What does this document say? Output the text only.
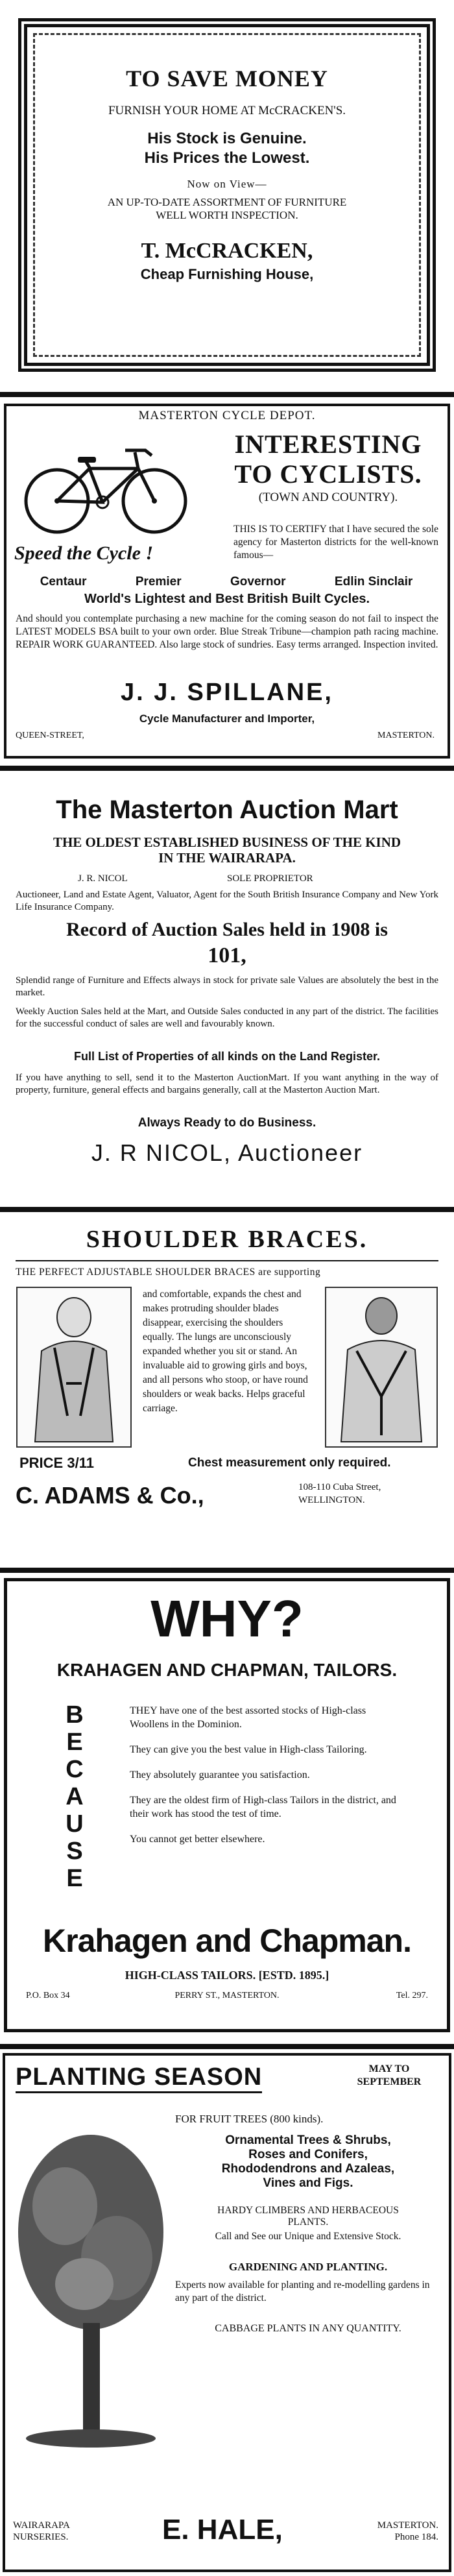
TO SAVE MONEY
FURNISH YOUR HOME AT McCRACKEN'S.
His Stock is Genuine.
His Prices the Lowest.
Now on View—
AN UP-TO-DATE ASSORTMENT OF FURNITURE
WELL WORTH INSPECTION.
T. McCRACKEN,
Cheap Furnishing House,
MASTERTON CYCLE DEPOT.
Speed the Cycle !
INTERESTING
TO CYCLISTS.
(TOWN AND COUNTRY).
THIS IS TO CERTIFY that I have secured the sole agency for Masterton districts for the well-known famous—
Centaur	Premier	Governor	Edlin Sinclair
World's Lightest and Best British Built Cycles.
And should you contemplate purchasing a new machine for the coming season do not fail to inspect the LATEST MODELS BSA built to your own order. Blue Streak Tribune—champion path racing machine. REPAIR WORK GUARANTEED. Also large stock of sundries. Easy terms arranged. Inspection invited.
J. J. SPILLANE,
Cycle Manufacturer and Importer,
QUEEN-STREET,	MASTERTON.
The Masterton Auction Mart
THE OLDEST ESTABLISHED BUSINESS OF THE KIND
IN THE WAIRARAPA.
J. R. NICOL	SOLE PROPRIETOR
Auctioneer, Land and Estate Agent, Valuator, Agent for the South British Insurance Company and New York Life Insurance Company.
Record of Auction Sales held in 1908 is
101,
Splendid range of Furniture and Effects always in stock for private sale Values are absolutely the best in the market.
Weekly Auction Sales held at the Mart, and Outside Sales conducted in any part of the district. The facilities for the successful conduct of sales are well and favourably known.
Full List of Properties of all kinds on the Land Register.
If you have anything to sell, send it to the Masterton AuctionMart. If you want anything in the way of property, furniture, general effects and bargains generally, call at the Masterton Auction Mart.
Always Ready to do Business.
J. R NICOL, Auctioneer
SHOULDER BRACES.
THE PERFECT ADJUSTABLE SHOULDER BRACES are supporting
and comfortable, expands the chest and makes protruding shoulder blades disappear, exercising the shoulders equally. The lungs are unconsciously expanded whether you sit or stand. An invaluable aid to growing girls and boys, and all persons who stoop, or have round shoulders or weak backs. Helps graceful carriage.
PRICE 3/11	Chest measurement only required.
C. ADAMS & Co.,	108-110 Cuba Street,
WELLINGTON.
WHY?
KRAHAGEN AND CHAPMAN, TAILORS.
B
E
C
A
U
S
E

THEY have one of the best assorted stocks of High-class Woollens in the Dominion.

They can give you the best value in High-class Tailoring.

They absolutely guarantee you satisfaction.

They are the oldest firm of High-class Tailors in the district, and their work has stood the test of time.

You cannot get better elsewhere.

Krahagen and Chapman.
HIGH-CLASS TAILORS. [ESTD. 1895.]
P.O. Box 34	PERRY ST., MASTERTON.	Tel. 297.
PLANTING SEASON	MAY TO
SEPTEMBER
FOR FRUIT TREES (800 kinds).
Ornamental Trees & Shrubs,
Roses and Conifers,
Rhododendrons and Azaleas,
Vines and Figs.
HARDY CLIMBERS AND HERBACEOUS
PLANTS.
Call and See our Unique and Extensive Stock.
GARDENING AND PLANTING.
Experts now available for planting and re-modelling gardens in any part of the district.
CABBAGE PLANTS IN ANY QUANTITY.
WAIRARAPA
NURSERIES.	E. HALE,	MASTERTON.
Phone 184.
